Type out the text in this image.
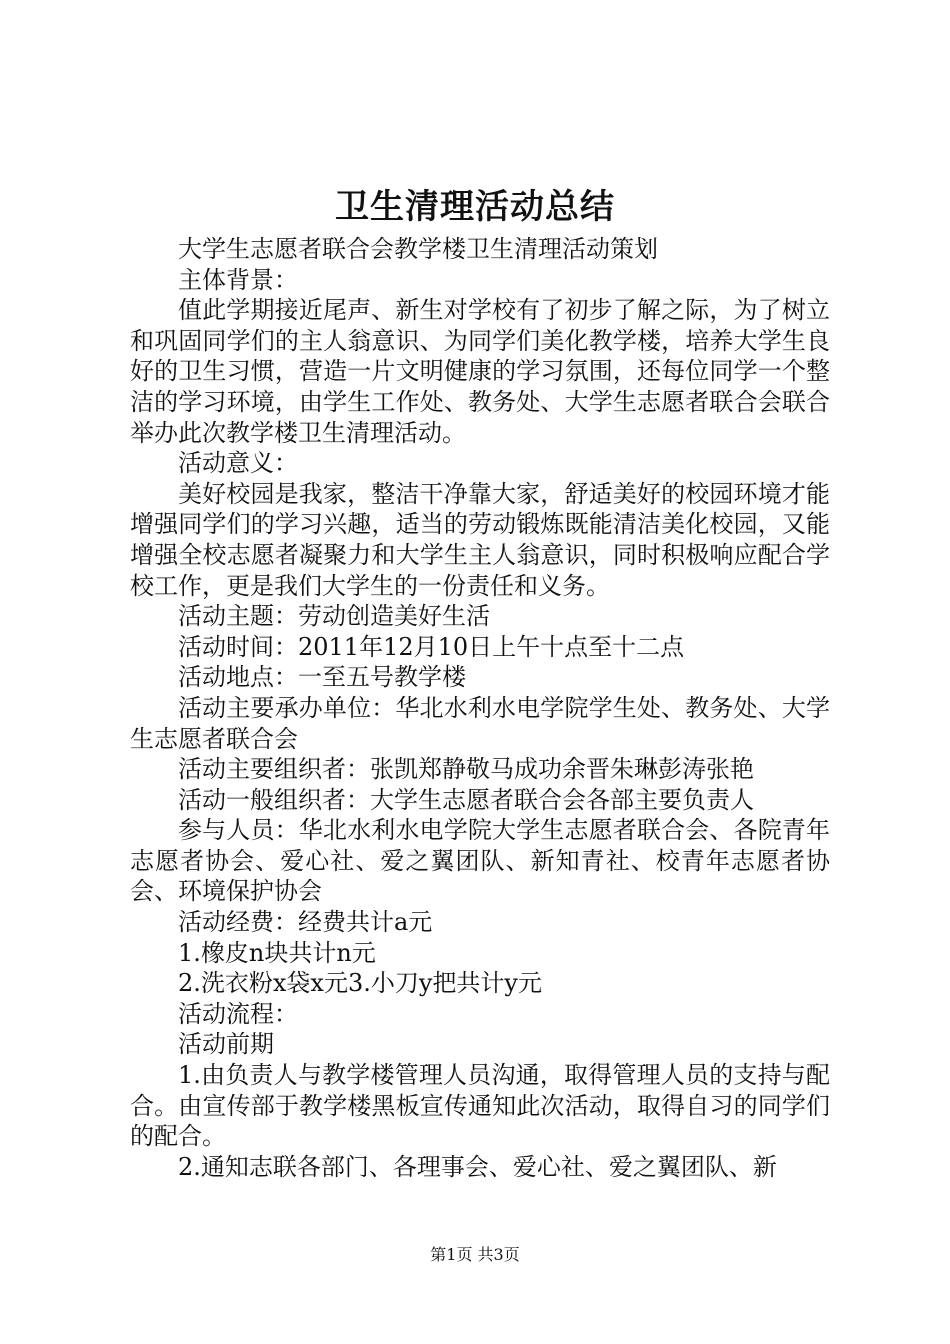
卫生清理活动总结

大学生志愿者联合会教学楼卫生清理活动策划

主体背景：

值此学期接近尾声、新生对学校有了初步了解之际，为了树立和巩固同学们的主人翁意识、为同学们美化教学楼，培养大学生良好的卫生习惯，营造一片文明健康的学习氛围，还每位同学一个整洁的学习环境，由学生工作处、教务处、大学生志愿者联合会联合举办此次教学楼卫生清理活动。

活动意义：

美好校园是我家，整洁干净靠大家，舒适美好的校园环境才能增强同学们的学习兴趣，适当的劳动锻炼既能清洁美化校园，又能增强全校志愿者凝聚力和大学生主人翁意识，同时积极响应配合学校工作，更是我们大学生的一份责任和义务。

活动主题：劳动创造美好生活

活动时间：2011年12月10日上午十点至十二点

活动地点：一至五号教学楼

活动主要承办单位：华北水利水电学院学生处、教务处、大学生志愿者联合会

活动主要组织者：张凯郑静敬马成功余晋朱琳彭涛张艳

活动一般组织者：大学生志愿者联合会各部主要负责人

参与人员：华北水利水电学院大学生志愿者联合会、各院青年志愿者协会、爱心社、爱之翼团队、新知青社、校青年志愿者协会、环境保护协会

活动经费：经费共计a元

1.橡皮n块共计n元

2.洗衣粉x袋x元3.小刀y把共计y元

活动流程：

活动前期

1.由负责人与教学楼管理人员沟通，取得管理人员的支持与配合。由宣传部于教学楼黑板宣传通知此次活动，取得自习的同学们的配合。

2.通知志联各部门、各理事会、爱心社、爱之翼团队、新

第1页 共3页
